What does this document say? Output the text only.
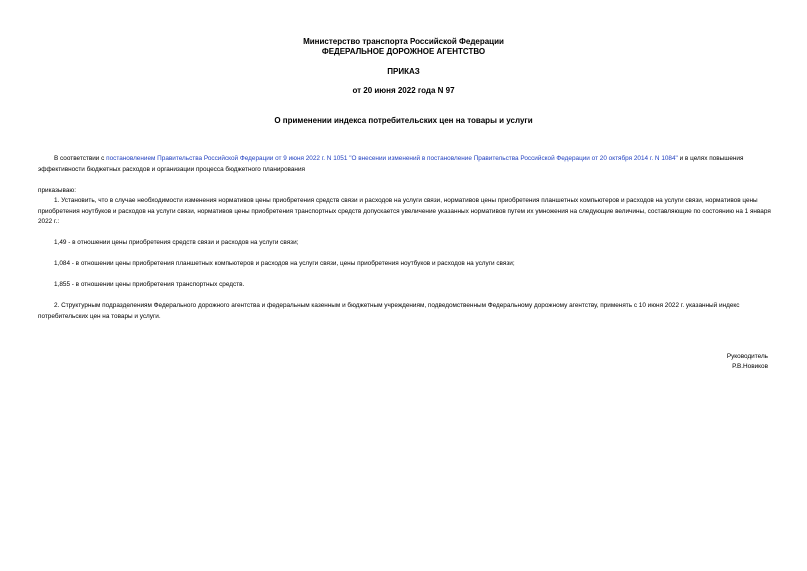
Министерство транспорта Российской Федерации
ФЕДЕРАЛЬНОЕ ДОРОЖНОЕ АГЕНТСТВО
ПРИКАЗ
от 20 июня 2022 года N 97
О применении индекса потребительских цен на товары и услуги
В соответствии с постановлением Правительства Российской Федерации от 9 июня 2022 г. N 1051 "О внесении изменений в постановление Правительства Российской Федерации от 20 октября 2014 г. N 1084" и в целях повышения эффективности бюджетных расходов и организации процесса бюджетного планирования
приказываю:
1. Установить, что в случае необходимости изменения нормативов цены приобретения средств связи и расходов на услуги связи, нормативов цены приобретения планшетных компьютеров и расходов на услуги связи, нормативов цены приобретения ноутбуков и расходов на услуги связи, нормативов цены приобретения транспортных средств допускается увеличение указанных нормативов путем их умножения на следующие величины, составляющие по состоянию на 1 января 2022 г.:
1,49 - в отношении цены приобретения средств связи и расходов на услуги связи;
1,084 - в отношении цены приобретения планшетных компьютеров и расходов на услуги связи, цены приобретения ноутбуков и расходов на услуги связи;
1,855 - в отношении цены приобретения транспортных средств.
2. Структурным подразделениям Федерального дорожного агентства и федеральным казенным и бюджетным учреждениям, подведомственным Федеральному дорожному агентству, применять с 10 июня 2022 г. указанный индекс потребительских цен на товары и услуги.
Руководитель
Р.В.Новиков
